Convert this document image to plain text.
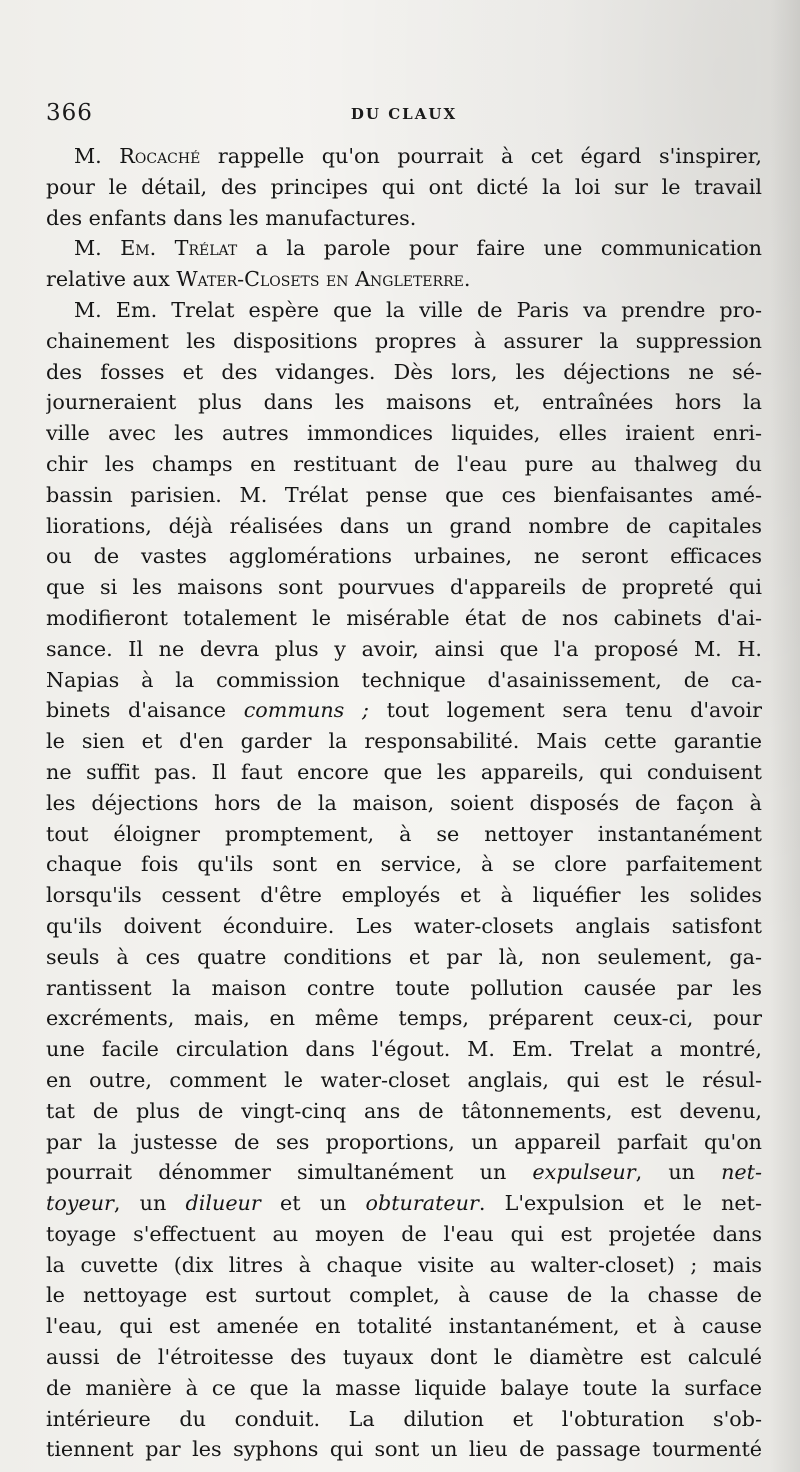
366	DU CLAUX
M. Rocaché rappelle qu'on pourrait à cet égard s'inspirer,
pour le détail, des principes qui ont dicté la loi sur le travail
des enfants dans les manufactures.
M. Em. Trélat a la parole pour faire une communication
relative aux Water-Closets en Angleterre.
M. Em. Trelat espère que la ville de Paris va prendre pro-
chainement les dispositions propres à assurer la suppression
des fosses et des vidanges. Dès lors, les déjections ne sé-
journeraient plus dans les maisons et, entraînées hors la
ville avec les autres immondices liquides, elles iraient enri-
chir les champs en restituant de l'eau pure au thalweg du
bassin parisien. M. Trélat pense que ces bienfaisantes amé-
liorations, déjà réalisées dans un grand nombre de capitales
ou de vastes agglomérations urbaines, ne seront efficaces
que si les maisons sont pourvues d'appareils de propreté qui
modifieront totalement le misérable état de nos cabinets d'ai-
sance. Il ne devra plus y avoir, ainsi que l'a proposé M. H.
Napias à la commission technique d'asainissement, de ca-
binets d'aisance communs ; tout logement sera tenu d'avoir
le sien et d'en garder la responsabilité. Mais cette garantie
ne suffit pas. Il faut encore que les appareils, qui conduisent
les déjections hors de la maison, soient disposés de façon à
tout éloigner promptement, à se nettoyer instantanément
chaque fois qu'ils sont en service, à se clore parfaitement
lorsqu'ils cessent d'être employés et à liquéfier les solides
qu'ils doivent éconduire. Les water-closets anglais satisfont
seuls à ces quatre conditions et par là, non seulement, ga-
rantissent la maison contre toute pollution causée par les
excréments, mais, en même temps, préparent ceux-ci, pour
une facile circulation dans l'égout. M. Em. Trelat a montré,
en outre, comment le water-closet anglais, qui est le résul-
tat de plus de vingt-cinq ans de tâtonnements, est devenu,
par la justesse de ses proportions, un appareil parfait qu'on
pourrait dénommer simultanément un expulseur, un net-
toyeur, un dilueur et un obturateur. L'expulsion et le net-
toyage s'effectuent au moyen de l'eau qui est projetée dans
la cuvette (dix litres à chaque visite au walter-closet) ; mais
le nettoyage est surtout complet, à cause de la chasse de
l'eau, qui est amenée en totalité instantanément, et à cause
aussi de l'étroitesse des tuyaux dont le diamètre est calculé
de manière à ce que la masse liquide balaye toute la surface
intérieure du conduit. La dilution et l'obturation s'ob-
tiennent par les syphons qui sont un lieu de passage tourmenté
